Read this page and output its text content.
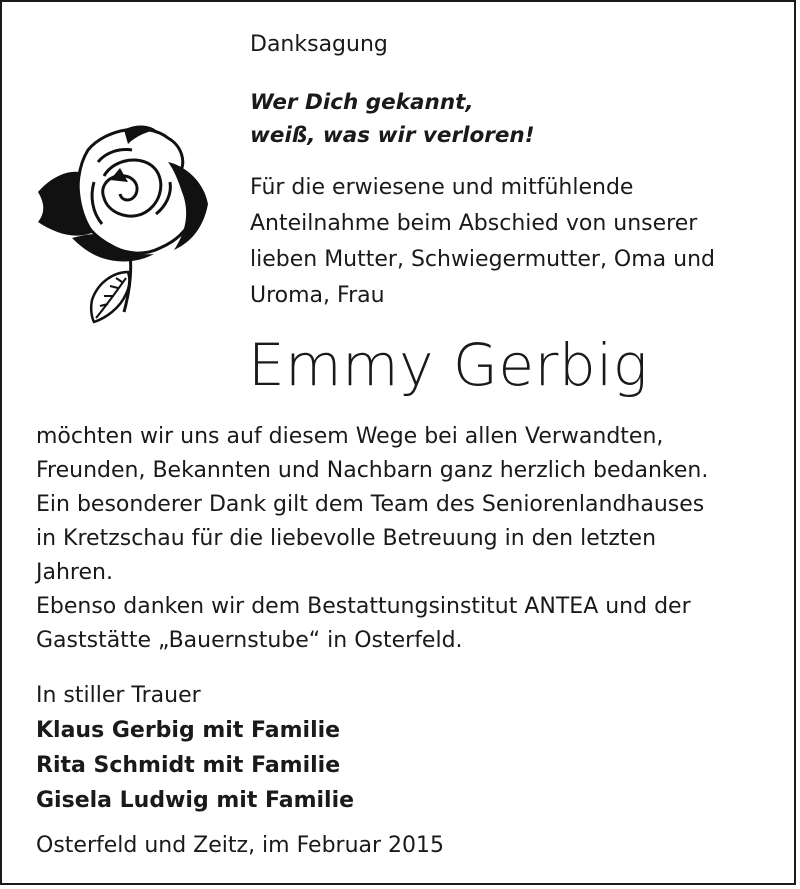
Danksagung
Wer Dich gekannt,
weiß, was wir verloren!
Für die erwiesene und mitfühlende
Anteilnahme beim Abschied von unserer
lieben Mutter, Schwiegermutter, Oma und
Uroma, Frau
Emmy Gerbig
möchten wir uns auf diesem Wege bei allen Verwandten,
Freunden, Bekannten und Nachbarn ganz herzlich bedanken.
Ein besonderer Dank gilt dem Team des Seniorenlandhauses
in Kretzschau für die liebevolle Betreuung in den letzten
Jahren.
Ebenso danken wir dem Bestattungsinstitut ANTEA und der
Gaststätte „Bauernstube“ in Osterfeld.
In stiller Trauer
Klaus Gerbig mit Familie
Rita Schmidt mit Familie
Gisela Ludwig mit Familie
Osterfeld und Zeitz, im Februar 2015
